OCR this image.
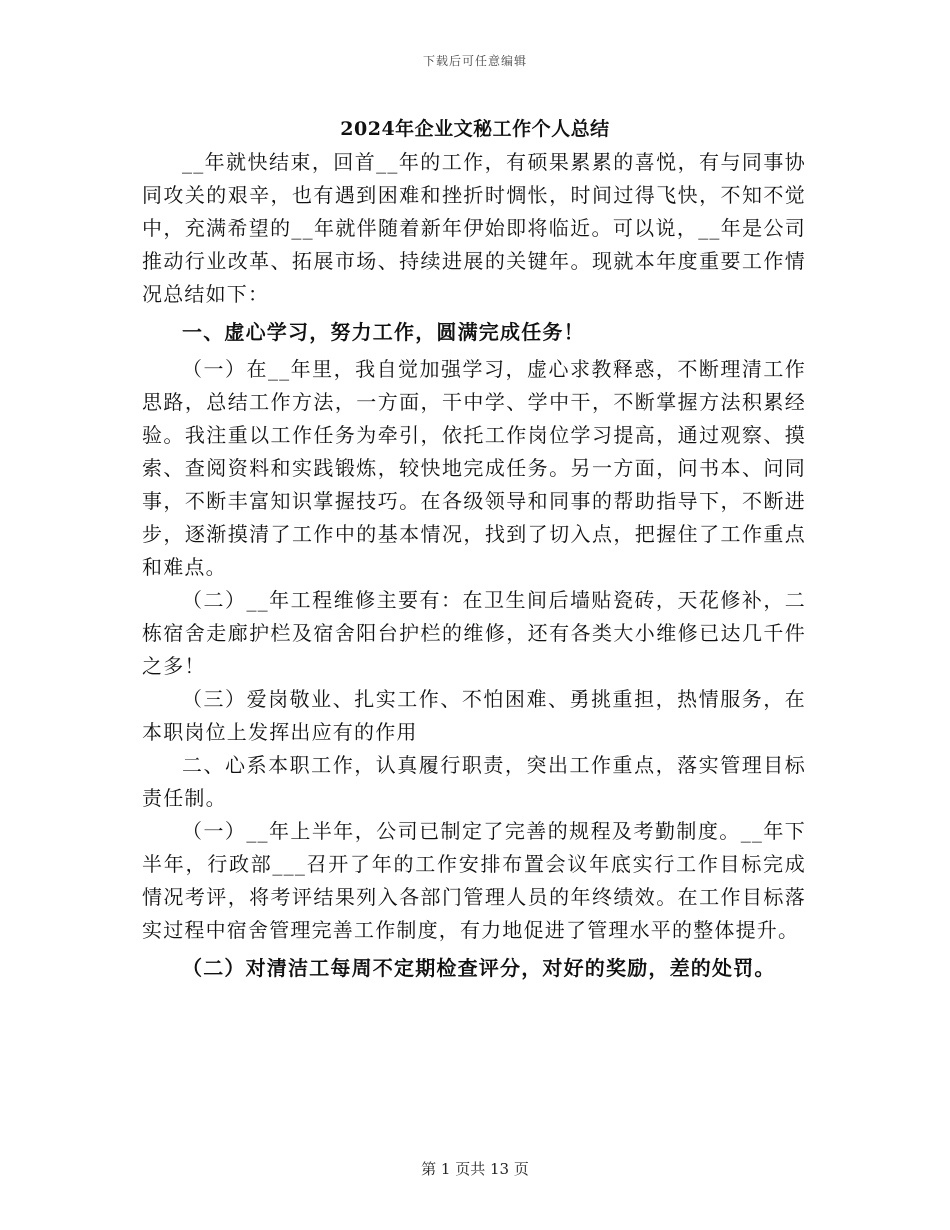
下载后可任意编辑
2024年企业文秘工作个人总结

__年就快结束，回首__年的工作，有硕果累累的喜悦，有与同事协同攻关的艰辛，也有遇到困难和挫折时惆怅，时间过得飞快，不知不觉中，充满希望的__年就伴随着新年伊始即将临近。可以说，__年是公司推动行业改革、拓展市场、持续进展的关键年。现就本年度重要工作情况总结如下：

一、虚心学习，努力工作，圆满完成任务！

（一）在__年里，我自觉加强学习，虚心求教释惑，不断理清工作思路，总结工作方法，一方面，干中学、学中干，不断掌握方法积累经验。我注重以工作任务为牵引，依托工作岗位学习提高，通过观察、摸索、查阅资料和实践锻炼，较快地完成任务。另一方面，问书本、问同事，不断丰富知识掌握技巧。在各级领导和同事的帮助指导下，不断进步，逐渐摸清了工作中的基本情况，找到了切入点，把握住了工作重点和难点。

（二）__年工程维修主要有：在卫生间后墙贴瓷砖，天花修补，二栋宿舍走廊护栏及宿舍阳台护栏的维修，还有各类大小维修已达几千件之多！

（三）爱岗敬业、扎实工作、不怕困难、勇挑重担，热情服务，在本职岗位上发挥出应有的作用

二、心系本职工作，认真履行职责，突出工作重点，落实管理目标责任制。

（一）__年上半年，公司已制定了完善的规程及考勤制度。__年下半年，行政部___召开了年的工作安排布置会议年底实行工作目标完成情况考评，将考评结果列入各部门管理人员的年终绩效。在工作目标落实过程中宿舍管理完善工作制度，有力地促进了管理水平的整体提升。

（二）对清洁工每周不定期检查评分，对好的奖励，差的处罚。

第 1 页共 13 页
